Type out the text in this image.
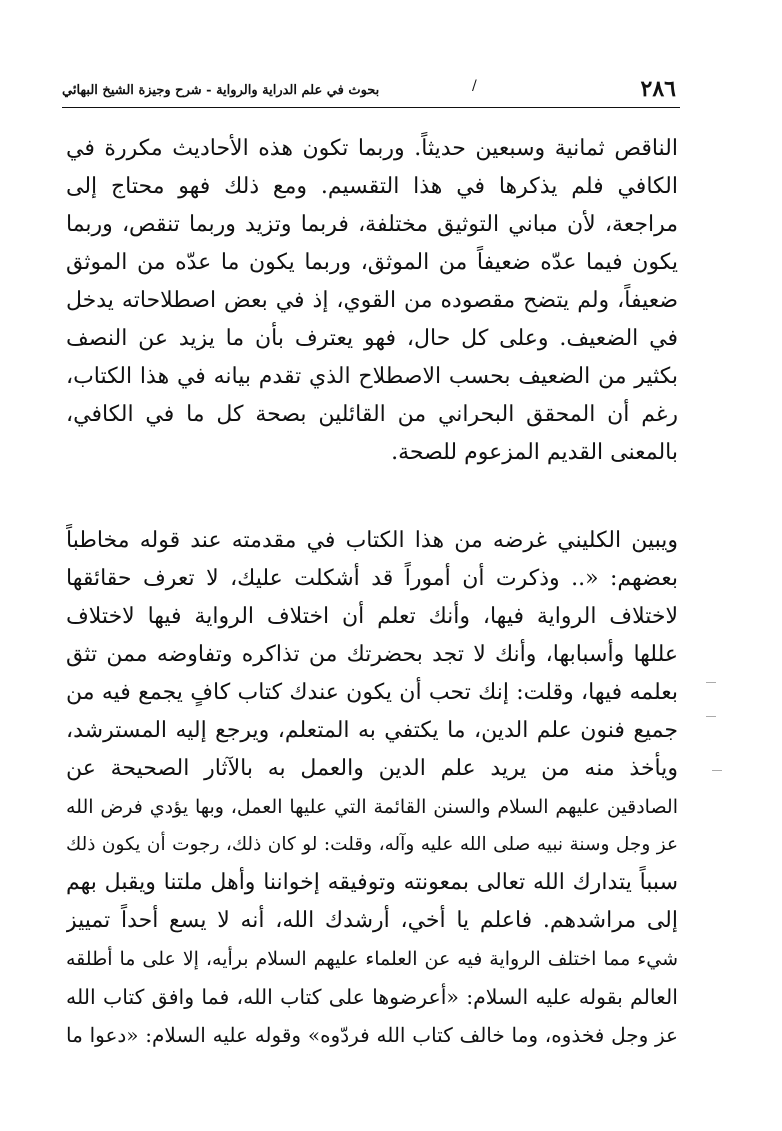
٢٨٦
/
بحوث في علم الدراية والرواية - شرح وجيزة الشيخ البهائي
الناقص ثمانية وسبعين حديثاً. وربما تكون هذه الأحاديث مكررة في
الكافي فلم يذكرها في هذا التقسيم. ومع ذلك فهو محتاج إلى
مراجعة، لأن مباني التوثيق مختلفة، فربما وتزيد وربما تنقص، وربما
يكون فيما عدّه ضعيفاً من الموثق، وربما يكون ما عدّه من الموثق
ضعيفاً، ولم يتضح مقصوده من القوي، إذ في بعض اصطلاحاته يدخل
في الضعيف. وعلى كل حال، فهو يعترف بأن ما يزيد عن النصف
بكثير من الضعيف بحسب الاصطلاح الذي تقدم بيانه في هذا الكتاب،
رغم أن المحقق البحراني من القائلين بصحة كل ما في الكافي،
بالمعنى القديم المزعوم للصحة.
ويبين الكليني غرضه من هذا الكتاب في مقدمته عند قوله مخاطباً
بعضهم: «.. وذكرت أن أموراً قد أشكلت عليك، لا تعرف حقائقها
لاختلاف الرواية فيها، وأنك تعلم أن اختلاف الرواية فيها لاختلاف
عللها وأسبابها، وأنك لا تجد بحضرتك من تذاكره وتفاوضه ممن تثق
بعلمه فيها، وقلت: إنك تحب أن يكون عندك كتاب كافٍ يجمع فيه من
جميع فنون علم الدين، ما يكتفي به المتعلم، ويرجع إليه المسترشد،
ويأخذ منه من يريد علم الدين والعمل به بالآثار الصحيحة عن
الصادقين عليهم السلام والسنن القائمة التي عليها العمل، وبها يؤدي فرض الله
عز وجل وسنة نبيه صلى الله عليه وآله، وقلت: لو كان ذلك، رجوت أن يكون ذلك
سبباً يتدارك الله تعالى بمعونته وتوفيقه إخواننا وأهل ملتنا ويقبل بهم
إلى مراشدهم. فاعلم يا أخي، أرشدك الله، أنه لا يسع أحداً تمييز
شيء مما اختلف الرواية فيه عن العلماء عليهم السلام برأيه، إلا على ما أطلقه
العالم بقوله عليه السلام: «أعرضوها على كتاب الله، فما وافق كتاب الله
عز وجل فخذوه، وما خالف كتاب الله فردّوه» وقوله عليه السلام: «دعوا ما
